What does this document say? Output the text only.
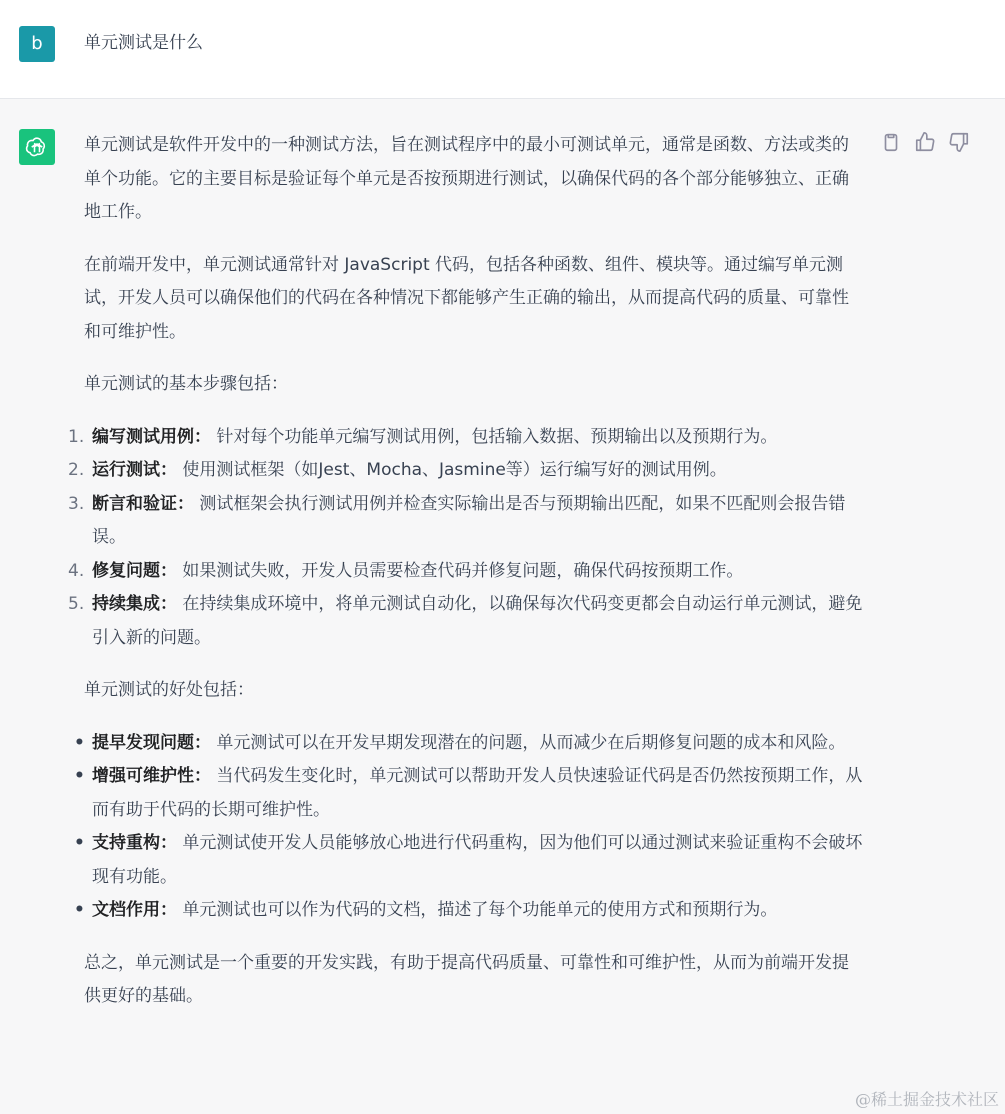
b	单元测试是什么

单元测试是软件开发中的一种测试方法，旨在测试程序中的最小可测试单元，通常是函数、方法或类的单个功能。它的主要目标是验证每个单元是否按预期进行测试，以确保代码的各个部分能够独立、正确地工作。

在前端开发中，单元测试通常针对 JavaScript 代码，包括各种函数、组件、模块等。通过编写单元测试，开发人员可以确保他们的代码在各种情况下都能够产生正确的输出，从而提高代码的质量、可靠性和可维护性。

单元测试的基本步骤包括：

1. 编写测试用例： 针对每个功能单元编写测试用例，包括输入数据、预期输出以及预期行为。
2. 运行测试： 使用测试框架（如Jest、Mocha、Jasmine等）运行编写好的测试用例。
3. 断言和验证： 测试框架会执行测试用例并检查实际输出是否与预期输出匹配，如果不匹配则会报告错误。
4. 修复问题： 如果测试失败，开发人员需要检查代码并修复问题，确保代码按预期工作。
5. 持续集成： 在持续集成环境中，将单元测试自动化，以确保每次代码变更都会自动运行单元测试，避免引入新的问题。

单元测试的好处包括：

• 提早发现问题： 单元测试可以在开发早期发现潜在的问题，从而减少在后期修复问题的成本和风险。
• 增强可维护性： 当代码发生变化时，单元测试可以帮助开发人员快速验证代码是否仍然按预期工作，从而有助于代码的长期可维护性。
• 支持重构： 单元测试使开发人员能够放心地进行代码重构，因为他们可以通过测试来验证重构不会破坏现有功能。
• 文档作用： 单元测试也可以作为代码的文档，描述了每个功能单元的使用方式和预期行为。

总之，单元测试是一个重要的开发实践，有助于提高代码质量、可靠性和可维护性，从而为前端开发提供更好的基础。

@稀土掘金技术社区
